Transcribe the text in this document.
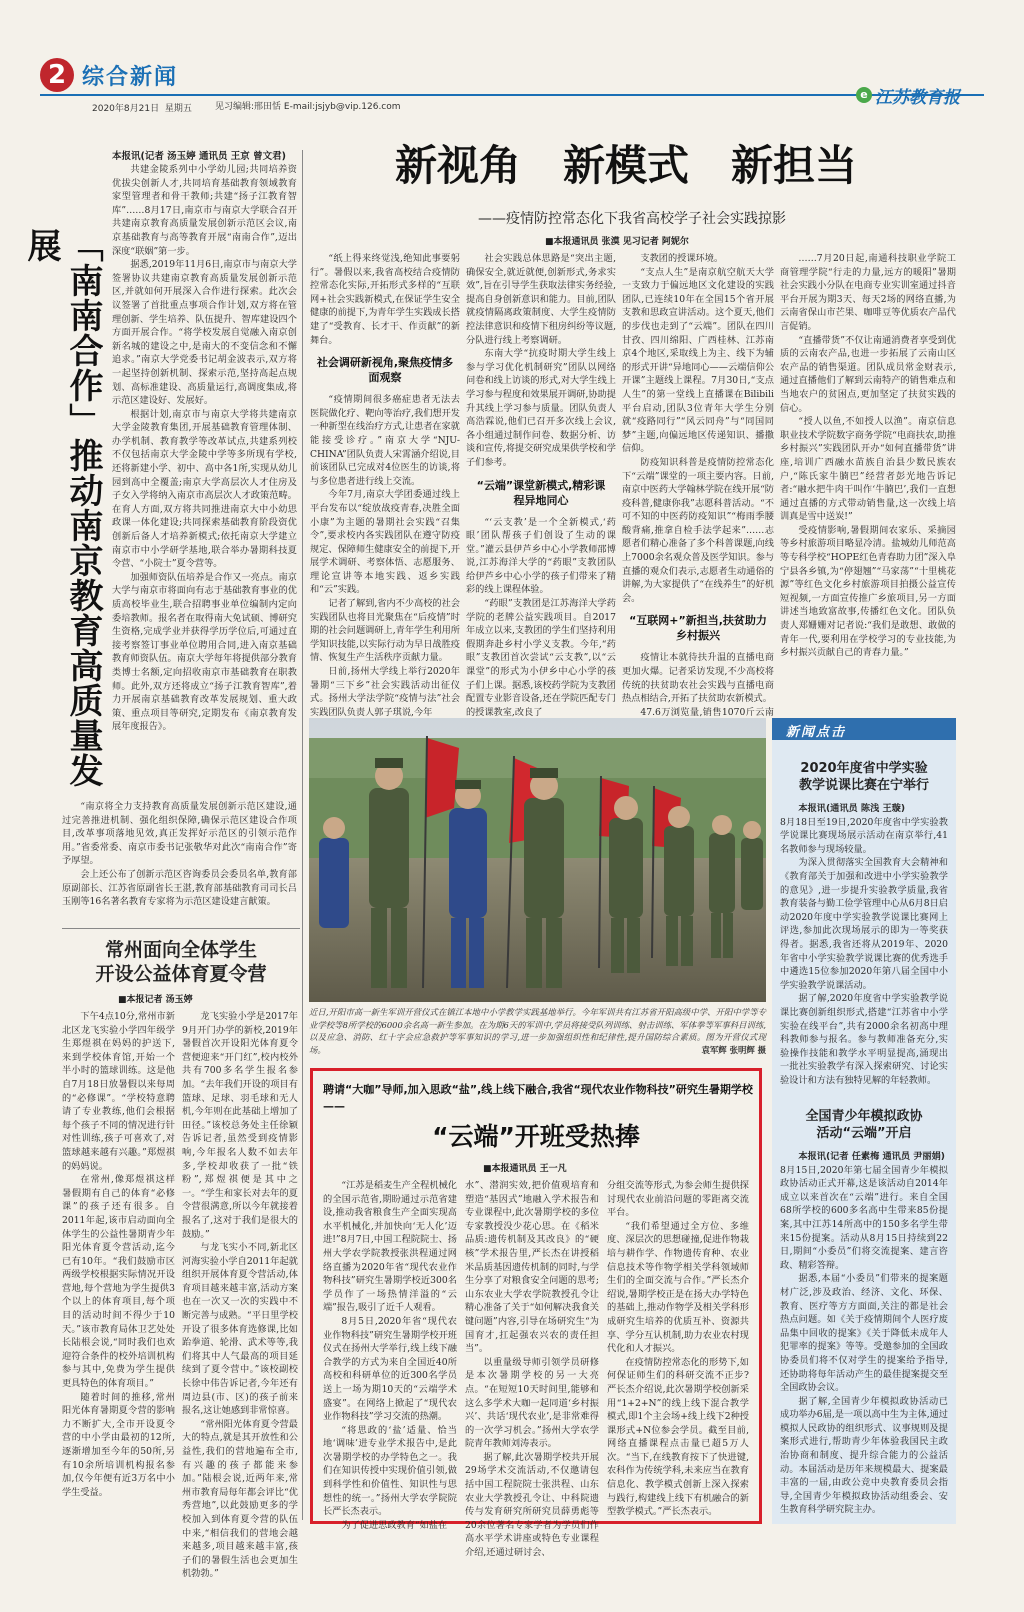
2 综合新闻
2020年8月21日 星期五	见习编辑:邢田恬 E-mail:jsjyb@vip.126.com
e 江苏教育报
「南南合作」推动南京教育高质量发展
本报讯(记者 汤玉婷 通讯员 王京 曾文君)

共建金陵系列中小学幼儿园;共同培养资优拔尖创新人才,共同培育基础教育领域教育家型管理者和骨干教师;共建“扬子江教育智库”……8月17日,南京市与南京大学联合召开共建南京教育高质量发展创新示范区会议,南京基础教育与高等教育开展“南南合作”,迈出深度“联姻”第一步。

据悉,2019年11月6日,南京市与南京大学签署协议共建南京教育高质量发展创新示范区,并就如何开展深入合作进行探索。此次会议签署了首批重点事项合作计划,双方将在管理创新、学生培养、队伍提升、智库建设四个方面开展合作。“将学校发展自觉融入南京创新名城的建设之中,是南大的不变信念和不懈追求。”南京大学党委书记胡金波表示,双方将一起坚持创新机制、探索示范,坚持高起点规划、高标准建设、高质量运行,高调度集成,将示范区建设好、发展好。

根据计划,南京市与南京大学将共建南京大学金陵教育集团,开展基础教育管理体制、办学机制、教育教学等改革试点,共建系列校不仅包括南京大学金陵中学等多所现有学校,还将新建小学、初中、高中各1所,实现从幼儿园到高中全覆盖;南京大学高层次人才住房及子女入学将纳入南京市高层次人才政策范畴。在育人方面,双方将共同推进南京大中小幼思政课一体化建设;共同探索基础教育阶段资优创新后备人才培养新模式;依托南京大学建立南京市中小学研学基地,联合举办暑期科技夏令营、“小院士”夏令营等。

加强师资队伍培养是合作又一亮点。南京大学与南京市将面向有志于基础教育事业的优质高校毕业生,联合招聘事业单位编制内定向委培教师。报名者在取得南大免试硕、博研究生资格,完成学业并获得学历学位后,可通过直接考察签订事业单位聘用合同,进入南京基础教育师资队伍。南京大学每年将提供部分教育类博士名额,定向招收南京市基础教育在职教师。此外,双方还将成立“扬子江教育智库”,着力开展南京基础教育改革发展规划、重大政策、重点项目等研究,定期发布《南京教育发展年度报告》。

“南京将全力支持教育高质量发展创新示范区建设,通过完善推进机制、强化组织保障,确保示范区建设合作项目,改革事项落地见效,真正发挥好示范区的引领示范作用。”省委常委、南京市委书记张敬华对此次“南南合作”寄予厚望。

会上还公布了创新示范区咨询委员会委员名单,教育部原副部长、江苏省原副省长王湛,教育部基础教育司司长吕玉刚等16名著名教育专家将为示范区建设建言献策。

常州面向全体学生
开设公益体育夏令营
■本报记者 汤玉婷

下午4点10分,常州市新北区龙飞实验小学四年级学生郑煜祺在妈妈的护送下,来到学校体育馆,开始一个半小时的篮球训练。这是他自7月18日放暑假以来每周的“必修课”。“学校特意聘请了专业教练,他们会根据每个孩子不同的情况进行针对性训练,孩子可喜欢了,对篮球越来越有兴趣。”郑煜祺的妈妈说。

在常州,像郑煜祺这样暑假期有自己的体育“必修课”的孩子还有很多。自2011年起,该市启动面向全体学生的公益性暑期青少年阳光体育夏令营活动,迄今已有10年。“我们鼓励市区两级学校根据实际情况开设营地,每个营地为学生提供3个以上的体育项目,每个项目的活动时间不得少于10天。”该市教育局体卫艺处处长陆根会说,“同时我们也欢迎符合条件的校外培训机构参与其中,免费为学生提供更具特色的体育项目。”

随着时间的推移,常州阳光体育暑期夏令营的影响力不断扩大,全市开设夏令营的中小学由最初的12所,逐渐增加至今年的50所,另有10余所培训机构报名参加,仅今年便有近3万名中小学生受益。

龙飞实验小学是2017年9月开门办学的新校,2019年暑假首次开设阳光体育夏令营便迎来“开门红”,校内校外共有700多名学生报名参加。“去年我们开设的项目有篮球、足球、羽毛球和无人机,今年则在此基础上增加了田径。”该校总务处主任徐颖告诉记者,虽然受到疫情影响,今年报名人数不如去年多,学校却收获了一批“铁粉”,郑煜祺便是其中之一。“学生和家长对去年的夏令营很满意,所以今年就接着报名了,这对于我们是很大的鼓励。”

与龙飞实小不同,新北区河海实验小学自2011年起就组织开展体育夏令营活动,体育项目越来越丰富,活动方案也在一次又一次的实践中不断完善与成熟。“平日里学校开设了很多体育选修课,比如跆拳道、轮滑、武术等等,我们将其中人气最高的项目延续到了夏令营中。”该校副校长徐中伟告诉记者,今年还有周边县(市、区)的孩子前来报名,这让她感到非常惊喜。

“常州阳光体育夏令营最大的特点,就是其开放性和公益性,我们的营地遍布全市,有兴趣的孩子都能来参加。”陆根会说,近两年来,常州市教育局每年都会评比“优秀营地”,以此鼓励更多的学校加入到体育夏令营的队伍中来,“相信我们的营地会越来越多,项目越来越丰富,孩子们的暑假生活也会更加生机勃勃。”

新视角　新模式　新担当
——疫情防控常态化下我省高校学子社会实践掠影
■本报通讯员 张漠 见习记者 阿妮尔

“纸上得来终觉浅,绝知此事要躬行”。暑假以来,我省高校结合疫情防控常态化实际,开拓形式多样的“互联网+社会实践新模式,在保证学生安全健康的前提下,为青年学生实践成长搭建了“受教育、长才干、作贡献”的新舞台。

社会调研新视角,聚焦疫情多面观察

“疫情期间很多癌症患者无法去医院做化疗、靶向等治疗,我们想开发一种新型在线治疗方式,让患者在家就能接受诊疗。”南京大学“NJU-CHINA”团队负责人宋霄涵介绍说,目前该团队已完成对4位医生的访谈,将与多位患者进行线上交流。

今年7月,南京大学团委通过线上平台发布以“绽放战疫青春,决胜全面小康”为主题的暑期社会实践“召集令”,要求校内各实践团队在遵守防疫规定、保障师生健康安全的前提下,开展学术调研、考察体悟、志愿服务、理论宣讲等本地实践、返乡实践和“云”实践。

记者了解到,省内不少高校的社会实践团队也将目光聚焦在“后疫情”时期的社会问题调研上,青年学生利用所学知识技能,以实际行动为早日战胜疫情、恢复生产生活秩序贡献力量。

日前,扬州大学线上举行2020年暑期“三下乡”社会实践活动出征仪式。扬州大学法学院“疫情与法”社会实践团队负责人郭子琪说,今年

社会实践总体思路是“突出主题,确保安全,就近就便,创新形式,务求实效”,旨在引导学生获取法律实务经验,提高自身创新意识和能力。目前,团队就疫情隔离政策制度、大学生疫情防控法律意识和疫情下租房纠纷等议题,分队进行线上考察调研。

东南大学“抗疫时期大学生线上参与学习优化机制研究”团队以网络问卷和线上访谈的形式,对大学生线上学习参与程度和效果展开调研,协助提升其线上学习参与质量。团队负责人高浩霖说,他们已召开多次线上会议,各小组通过制作问卷、数据分析、访谈和宣传,将提交研究成果供学校和学子们参考。

“云端”课堂新模式,精彩课程异地同心

“‘云支教’是一个全新模式,‘药眼’团队帮孩子们创设了生动的课堂。”灌云县伊芦乡中心小学教师邵博说,江苏海洋大学的“药眼”支教团队给伊芦乡中心小学的孩子们带来了精彩的线上课程体验。

“药眼”支教团是江苏海洋大学药学院的老牌公益实践项目。自2017年成立以来,支教团的学生们坚持利用假期奔赴乡村小学义支教。今年,“药眼”支教团首次尝试“云支教”,以“云课堂”的形式为小伊乡中心小学的孩子们上课。据悉,该校药学院为支教团配置专业影音设备,还在学院匹配专门的授课教室,改良了

支教团的授课环境。

“支点人生”是南京航空航天大学一支致力于偏远地区文化建设的实践团队,已连续10年在全国15个省开展支教和思政宣讲活动。这个夏天,他们的步伐也走到了“云端”。团队在四川甘孜、四川绵阳、广西桂林、江苏南京4个地区,采取线上为主、线下为辅的形式开讲“异地同心——云端信仰公开课”主题线上课程。7月30日,“支点人生”的第一堂线上直播课在Bilibili平台启动,团队3位青年大学生分别就“疫路同行”“风云同舟”与“同国同梦”主题,向偏远地区传递知识、播撒信仰。

防疫知识科普是疫情防控常态化下“云端”课堂的一项主要内容。日前,南京中医药大学翰林学院在线开展“防疫科普,健康你我”志愿科普活动。“不可不知的中医药防疫知识”“梅雨季腰酸背痛,推拿自检手法学起来”……志愿者们精心准备了多个科普课题,向线上7000余名观众普及医学知识。参与直播的观众们表示,志愿者生动通俗的讲解,为大家提供了“在线养生”的好机会。

“互联网+”新担当,扶贫助力乡村振兴

疫情让本就待扶升温的直播电商更加火爆。记者采访发现,不少高校将传统的扶贫助农社会实践与直播电商热点相结合,开拓了扶贫助农新模式。

47.6万浏览量,销售1070斤云南

……7月20日起,南通科技职业学院工商管理学院“行走的力量,远方的暖阳”暑期社会实践小分队在电商专业实训室通过抖音平台开展为期3天、每天2场的网络直播,为云南省保山市芒果、咖啡豆等优质农产品代言促销。

“直播带货”不仅让南通消费者享受到优质的云南农产品,也进一步拓展了云南山区农产品的销售渠道。团队成员常金财表示,通过直播他们了解到云南特产的销售难点和当地农户的贫困点,更加坚定了扶贫实践的信心。

“授人以鱼,不如授人以渔”。南京信息职业技术学院数字商务学院“电商扶农,助推乡村振兴”实践团队开办“如何直播带货”讲座,培训广西融水苗族自治县少数民族农户,“陈氏家牛腩巴”经营者彭光地告诉记者:“融水把牛肉干叫作‘牛腩巴’,我们一直想通过直播的方式带动销售量,这一次线上培训真是雪中送炭!”

受疫情影响,暑假期间农家乐、采摘园等乡村旅游项目略显冷清。盐城幼儿师范高等专科学校“HOPE红色青春助力团”深入阜宁县各乡镇,为“停翅翘”“马家荡”“十里桃花源”等红色文化乡村旅游项目拍摄公益宣传短视频,一方面宣传推广乡旅项目,另一方面讲述当地致富故事,传播红色文化。团队负责人郑姗姗对记者说:“我们是敢想、敢做的青年一代,要利用在学校学习的专业技能,为乡村振兴贡献自己的青春力量。”

近日,开阳市高一新生军训开营仪式在镇江本地中小学教学实践基地举行。今年军训共有江苏省开阳高级中学、开阳中学等专业学校等8所学校的6000余名高一新生参加。在为期6天的军训中,学员将接受队列训练、射击训练、军体拳等军事科目训练,以及应急、消防、红十字会应急救护等军事知识的学习,进一步加强组织性和纪律性,提升国防综合素质。图为开营仪式现场。	袁军辉 张明辉 摄
聘请“大咖”导师,加入思政“盐”,线上线下融合,我省“现代农业作物科技”研究生暑期学校——
“云端”开班受热捧
■本报通讯员 王一凡

“江苏是稻麦生产全程机械化的全国示范省,期盼通过示范省建设,推动我省粮食生产全面实现高水平机械化,并加快向‘无人化’迈进!”8月7日,中国工程院院士、扬州大学农学院教授张洪程通过网络直播为2020年省“现代农业作物科技”研究生暑期学校近300名学员作了一场热情洋溢的“云端”报告,吸引了近千人观看。

8月5日,2020年省“现代农业作物科技”研究生暑期学校开班仪式在扬州大学举行,线上线下融合教学的方式为来自全国近40所高校和科研单位的近300名学员送上一场为期10天的“云端学术盛宴”。在网络上掀起了“现代农业作物科技”学习交流的热潮。

“将思政的‘盐’适量、恰当地‘调味’进专业学术报告中,是此次暑期学校的办学特色之一。我们在知识传授中实现价值引领,做到科学性和价值性、知识性与思想性的统一。”扬州大学农学院院长严长杰表示。

为了促进思政教育“如盐在

水”、潜润实效,把价值观培育和塑造“基因式”地融入学术报告和专业课程中,此次暑期学校的多位专家教授没少花心思。在《稻米品质:遗传机制及其改良》的“硬核”学术报告里,严长杰在讲授稻米品质基因遗传机制的同时,与学生分享了对粮食安全问题的思考;山东农业大学农学院教授孔令让精心准备了关于“如何解决我食关键问题”内容,引导在场研究生“为国育才,扛起强农兴农的责任担当”。

以重量级导师引领学员研修是本次暑期学校的另一大亮点。“在短短10天时间里,能够和这么多学术大咖一起同道‘乡村振兴’、共话‘现代农业’,是非常难得的一次学习机会。”扬州大学农学院青年教师刘涛表示。

据了解,此次暑期学校共开展29场学术交流活动,不仅邀请包括中国工程院院士张洪程、山东农业大学教授孔令让、中科院遗传与发育研究所研究员薛勇彪等20余位著名专家学者为学员们作高水平学术讲座或特色专业课程介绍,还通过研讨会、

分组交流等形式,为参会师生提供探讨现代农业前沿问题的零距离交流平台。

“我们希望通过全方位、多维度、深层次的思想碰撞,促进作物栽培与耕作学、作物遗传育种、农业信息技术等作物学相关学科领域师生们的全面交流与合作。”严长杰介绍说,暑期学校正是在扬大办学特色的基础上,推动作物学及相关学科形成研究生培养的优质互补、资源共享、学分互认机制,助力农业农村现代化和人才振兴。

在疫情防控常态化的形势下,如何保证师生们的科研交流不正步?严长杰介绍说,此次暑期学校创新采用“1+2+N”的线上线下混合教学模式,即1个主会场+线上线下2种授课形式+N位参会学员。截至目前,网络直播课程点击量已超5万人次。“当下,在线教育按下了快进键,农科作为传统学科,未来应当在教育信息化、教学模式创新上深入探索与践行,构建线上线下有机融合的新型教学模式。”严长杰表示。

新闻点击
2020年度省中学实验
教学说课比赛在宁举行

本报讯(通讯员 陈浅 王璇)

8月18日至19日,2020年度省中学实验教学说课比赛现场展示活动在南京举行,41名教师参与现场较量。

为深入贯彻落实全国教育大会精神和《教育部关于加强和改进中小学实验教学的意见》,进一步提升实验教学质量,我省教育装备与勤工俭学管理中心从6月8日启动2020年度中学实验教学说课比赛网上评选,参加此次现场展示的即为一等奖获得者。据悉,我省还将从2019年、2020年省中小学实验教学说课比赛的优秀选手中遴选15位参加2020年第八届全国中小学实验教学说课活动。

据了解,2020年度省中学实验教学说课比赛创新组织形式,搭建“江苏省中小学实验在线平台”,共有2000余名初高中理科教师参与报名。参与教师准备充分,实验操作技能和教学水平明显提高,涌现出一批社实验教学有深入探索研究、讨论实验设计和方法有独特见解的年轻教师。

全国青少年模拟政协
活动“云端”开启

本报讯(记者 任素梅 通讯员 尹丽娟)

8月15日,2020年第七届全国青少年模拟政协活动正式开幕,这是该活动自2014年成立以来首次在“云端”进行。来自全国68所学校的600多名高中生带来85份提案,其中江苏14所高中的150多名学生带来15份提案。活动从8月15日持续到22日,期间“小委员”们将交流提案、建言咨政、精彩答辩。

据悉,本届“小委员”们带来的提案题材广泛,涉及政治、经济、文化、环保、教育、医疗等方方面面,关注的都是社会热点问题。如《关于疫情期间个人医疗废品集中回收的提案》《关于降低未成年人犯罪率的提案》等等。受邀参加的全国政协委员们将不仅对学生的提案给予指导,还协助将每年活动产生的最佳提案提交至全国政协会议。

据了解,全国青少年模拟政协活动已成功举办6届,是一项以高中生为主体,通过模拟人民政协的组织形式、议事规则及提案形式进行,帮助青少年体验我国民主政治协商和制度、提升综合能力的公益活动。本届活动是历年来规模最大、提案最丰富的一届,由政公竞中央教育委员会指导,全国青少年模拟政协活动组委会、安生教育科学研究院主办。
